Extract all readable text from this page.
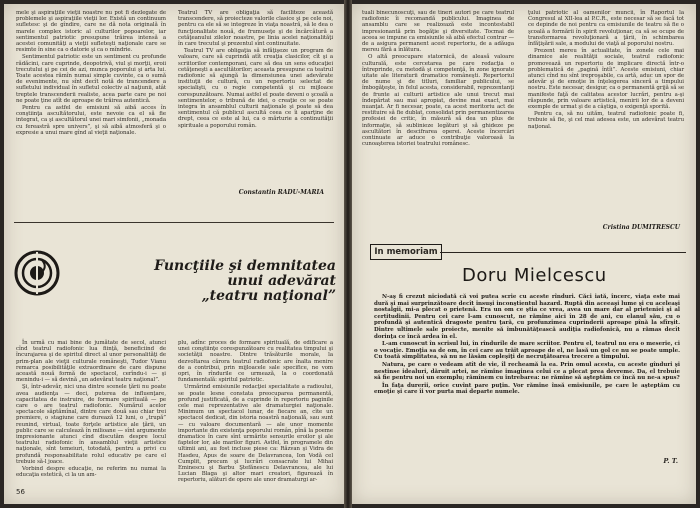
mele şi aspiraţiile vieţii noastre nu pot fi dezlegate de problemele şi aspiraţiile vieţii lor. Există un continuum sufletesc şi de gîndire, care ne dă nota originală în marele complex istoric al culturilor popoarelor, iar sentimentul patriotic presupune trăirea intensă a acestei comunităţi a vieţii sufleteşti naţionale care se resimte în sine ca o datorie şi ca o mîndrie.

Sentimentul patriotic este un sentiment cu profunde rădăcini, care cuprinde, deopotrivă, viul şi morţii, eroii trecutului şi pe cei de azi, munca poporului şi arta lui. Toate acestea rămîn numai simple cuvinte, ca o sumă de evenimente, nu sînt decît notă de trancendere a sufletului individual în sufletul colectiv al naţiunii, atât treptele transcenderii realiste, acea parte care pe noi ne poate ţine atît de aproape de trăirea autentică.

Pentru ca astfel de emisiuni să aibă acces în conştiinţa ascultătorului, este nevoie ca el să fie integrat, ca şi ascultătorul unei mari simfonii, „monada cu fereastră spre univers”, şi să aibă atmosferă şi o expresie a unui mare gînd al vieţii naţionale.

Teatrul TV are obligaţia să faciliteze această transcendere, să proiecteze valorile clasice şi pe cele noi, pentru ca ele să se integreze în viaţa noastră, să le dea o funcţionalitate nouă, de frumuseţe şi de încărcătură a cetăţeanului zilelor noastre, pe linia acelei naţionalităţi în care trecutul şi prezentul sînt continuitate.

Teatrul TV are obligaţia să infăţişeze un program de valoare, care să cuprindă atît creaţia clasicilor, cît şi a scriitorilor contemporani, care să dea un sens educaţiei cetăţeneşti a ascultătorilor; aceasta presupune ca teatrul radiofonic să ajungă la dimensiunea unei adevărate instituţii de cultură, cu un repertoriu selectat de specialişti, cu o regie competentă şi cu mijloace corespunzătoare. Numai astfel el poate deveni o şcoală a sentimentelor, o tribună de idei, o creaţie ce se poate integra în ansamblul culturii naţionale şi poate să dea sentimentul că publicul ascultă ceea ce îi aparţine de drept, ceea ce este al lui, ca o mărturie a continuităţii spirituale a poporului român.

Constantin RADU-MARIA
Funcţiile şi demnitatea
unui adevărat
„teatru naţional”

În urmă cu mai bine de jumătate de secol, atunci cînd teatrul radiofonic lua fiinţă, beneficiind de încurajarea şi de spiritul direct al unor personalităţi de prim-plan ale vieţii culturale româneşti, Tudor Vianu remarca posibilităţile extraordinare de care dispune această nouă formă de spectacol, cerîndu-i — şi menindu-i — să devină „un adevărat teatru naţional”.

Şi, într-adevăr, nici una dintre scenele ţării nu poate avea audienţa — deci, puterea de influenţare, capacitatea de instruire, de formare spirituală — pe care o are teatrul radiofonic. Numărul acelor spectacole săptămînal, dintre care două sau chiar trei premiere, o stagiune care durează 12 luni, o „trupă” reunind, virtual, toate forţele artistice ale ţării, un public care se calculează în milioane — sînt argumente impresionante atunci cînd discutăm despre locul teatrului radiofonic în ansamblul vieţii artistice naţionale, sînt temeiuri, totodată, pentru a privi cu profundă responsabilitate rolul educativ pe care el trebuie să-l joace.

Vorbind despre educaţie, ne referim nu numai la educaţia estetică, ci la un am-

plu, adînc proces de formare spirituală, de edificare a unei conştiinţe corespunzătoare cu realitatea timpului şi societăţii noastre. Dintre trăsăturile morale, la dezvoltarea cărora teatrul radiofonic are înalta menire de a contribui, prin mijloacele sale specifice, ne vom opri, în rîndurile ce urmează, la o coordonată fundamentală: spiritul patriotic.

Urmărind emisiunile redacţiei specialitate a radioului, se poate lesne constata preocuparea permanentă, profund justificată, de a cuprinde în repertoriu paginile cele mai reprezentative ale dramaturgiei naţionale. Minimum un spectacol lunar, de fiecare an, cîte un spectacol dedicat, din istoria noastră naţională, sau sunt — cu valoare documentară — ale unor momente importante din existenţa poporului român, pînă la poeme dramatice în care sînt urmărite sensurile eroilor şi ale faptelor lor, ale marilor figuri. Astfel, în programele din ultimii ani, au fost incluse piese ca: Răzvan şi Vidra de Hasdeu, Apus de soare de Delavrancea, Ion Vodă cel Cumplit, precum şi lucrări consacrate lui Mihai Eminescu şi Barbu Ştefănescu Delavrancea, ale lui Lucian Blaga şi altor mari creatori, figurează în repertoriu, alături de opere ale unor dramaturgi ar-

56

tuali binecunoscuţi, sau de tineri autori pe care teatrul radiofonic îi recomandă publicului. Imaginea de ansamblu care se realizează este incontestabil impresionantă prin bogăţie şi diversitate. Tocmai de aceea se impune ca emisiunile să aibă efectul contrar — de a asigura permanent acest repertoriu, de a adăuga mereu fără a înlătura.

O altă preocupare statornică, de aleasă valoare culturală, este cercetarea pe care redacţia o întreprinde, cu metodă şi competenţă, în zone ignorate uitate ale literaturii dramatice româneşti. Repertoriul de nume şi de titluri, familiar publicului, se îmbogăţeşte, în felul acesta, considerabil, reprezentanţi de frunte ai culturii artistice ale unui trecut mai îndepărtat sau mai apropiat, devine mai exact, mai nuanţat. Ar fi necesar, poate, ca acest meritoriu act de restituire să fie dublat, consolidat prin permanentizarea profesiei de critic, în măsură să dea un plus de informaţie, să sublinieze legături şi să ghideze pe ascultători în descifrarea operei. Aceste încercări continuate ar aduce o contribuţie valoroasă la cunoaşterea istoriei teatrului românesc.

ţului patriotic al oamenilor muncii, în Raportul la Congresul al XII-lea al P.C.R., este necesar să se facă tot ce depinde de noi pentru ca emisiunile de teatru să fie o şcoală a formării în spirit revoluţionar, ca să se ocupe de transformarea revoluţionară a ţării, în schimbarea înfăţişării sale, a modului de viaţă al poporului nostru.

Prezent mereu în actualitate, în zonele cele mai dinamice ale realităţii sociale, teatrul radiofonic promovează un repertoriu de implicare directă într-o problematică de „pagină întîi”. Aceste emisiuni, chiar atunci cînd nu sînt ireproşabile, ca artă, aduc un spor de adevăr şi de emoţie în înţelegerea sinceră a timpului nostru. Este necesar, desigur, ca o permanentă grijă să se manifeste faţă de calitatea acestor lucrări, pentru a-şi răspunde, prin valoare artistică, menirii lor de a deveni exemple de urmat şi de a câştiga, o exigenţă sporită.

Pentru ca, să nu uităm, teatrul radiofonic poate fi, trebuie să fie, şi cel mai adesea este, un adevărat teatru naţional.

Cristina DUMITRESCU
In memoriam
Doru Mielcescu

N-aş fi crezut niciodată că voi putea scrie cu aceste rînduri. Căci iată, încerc, viaţa este mai dură şi mai surprinzătoare decît însuşi inconştientul hazard. Ruptă din aceeaşi lume şi cu aceleaşi nostalgii, mi-a plecat o prietenă. Era un om ce ştia ce vrea, avea un mare dar al prieteniei şi al certitudinii. Pentru cei care l-am cunoscut, ne rămîne aici în 28 de ani, cu elanul său, cu o profundă şi autentică dragoste pentru ţară, cu profunzimea cuprinderii aproape pînă la sfîrşit. Dintre ultimele sale proiecte, menite să îmbunătăţească audiţia radiofonică, nu a rămas decît dorinţa ce încă ardea în el.

L-am cunoscut în scrisul lui, în rîndurile de mare scriitor. Pentru el, teatrul nu era o meserie, ci o vocaţie. Emoţia sa de om, în cei care au trăit aproape de el, ne lasă un gol ce nu se poate umple. Cu toată simplitatea, să nu ne lăsăm copleşiţi de necruţătoarea trecere a timpului.

Natura, pe care o vedeam atît de vie, îl recheamă la ea. Prin omul acesta, cu aceste gînduri şi nestinse idealuri, dăruit artei, ne rămîne imaginea celui ce a plecat prea devreme. Da, el trebuie să fie pentru noi un exemplu; rămînem cu întrebarea: ne rămîne să aşteptăm ce încă nu ne-a spus?

În faţa durerii, orice cuvînt pare puţin. Vor rămîne însă emisiunile, pe care le aşteptăm cu emoţie şi care îi vor purta mai departe numele.

P. T.
